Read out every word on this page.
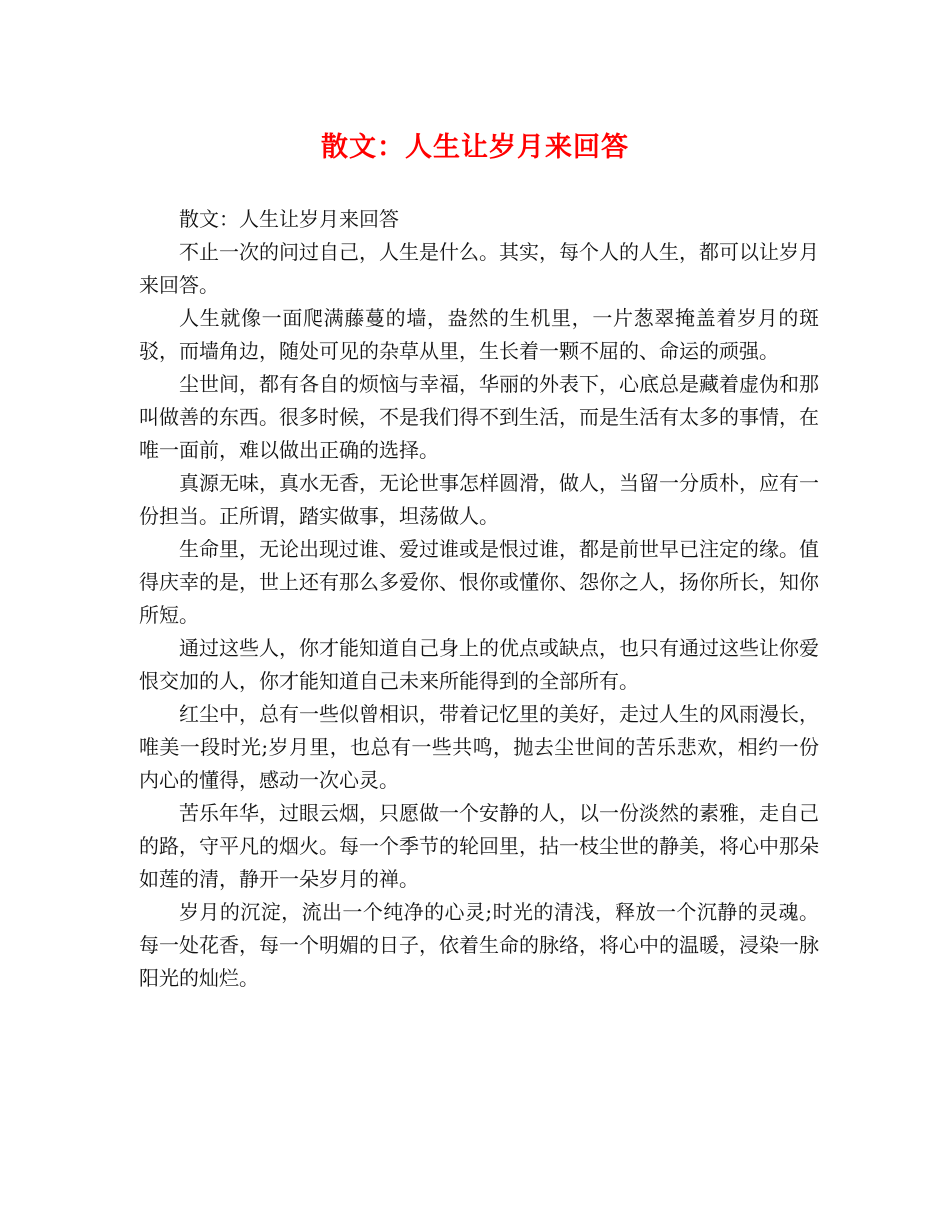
散文：人生让岁月来回答

散文：人生让岁月来回答

不止一次的问过自己，人生是什么。其实，每个人的人生，都可以让岁月来回答。

人生就像一面爬满藤蔓的墙，盎然的生机里，一片葱翠掩盖着岁月的斑驳，而墙角边，随处可见的杂草从里，生长着一颗不屈的、命运的顽强。

尘世间，都有各自的烦恼与幸福，华丽的外表下，心底总是藏着虚伪和那叫做善的东西。很多时候，不是我们得不到生活，而是生活有太多的事情，在唯一面前，难以做出正确的选择。

真源无味，真水无香，无论世事怎样圆滑，做人，当留一分质朴，应有一份担当。正所谓，踏实做事，坦荡做人。

生命里，无论出现过谁、爱过谁或是恨过谁，都是前世早已注定的缘。值得庆幸的是，世上还有那么多爱你、恨你或懂你、怨你之人，扬你所长，知你所短。

通过这些人，你才能知道自己身上的优点或缺点，也只有通过这些让你爱恨交加的人，你才能知道自己未来所能得到的全部所有。

红尘中，总有一些似曾相识，带着记忆里的美好，走过人生的风雨漫长，唯美一段时光;岁月里，也总有一些共鸣，抛去尘世间的苦乐悲欢，相约一份内心的懂得，感动一次心灵。

苦乐年华，过眼云烟，只愿做一个安静的人，以一份淡然的素雅，走自己的路，守平凡的烟火。每一个季节的轮回里，拈一枝尘世的静美，将心中那朵如莲的清，静开一朵岁月的禅。

岁月的沉淀，流出一个纯净的心灵;时光的清浅，释放一个沉静的灵魂。每一处花香，每一个明媚的日子，依着生命的脉络，将心中的温暖，浸染一脉阳光的灿烂。
